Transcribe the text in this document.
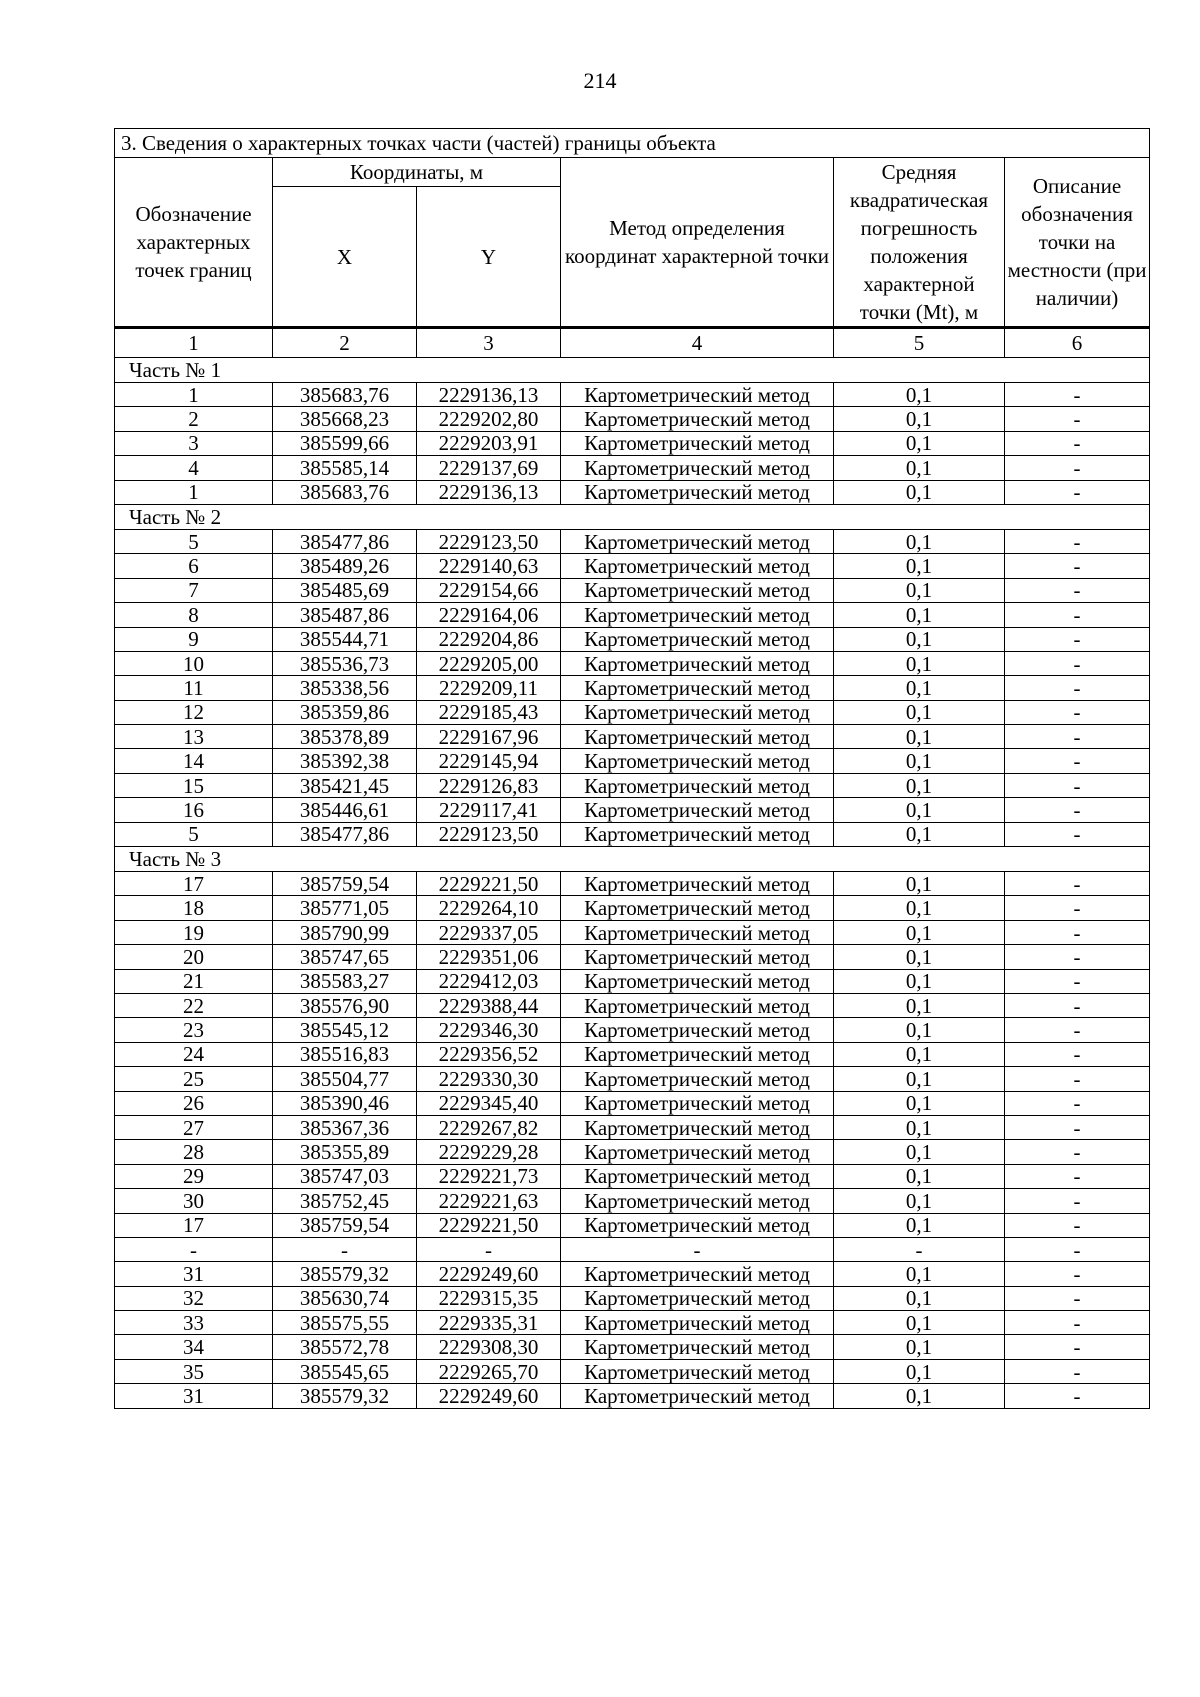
214
3. Сведения о характерных точках части (частей) границы объекта					
Обозначение характерных точек границ	Координаты, м		Метод определения координат характерной точки	Средняя квадратическая погрешность положения характерной точки (Mt), м	Описание обозначения точки на местности (при наличии)
	X	Y			
1	2	3	4	5	6
Часть № 1					
1	385683,76	2229136,13	Картометрический метод	0,1	-
2	385668,23	2229202,80	Картометрический метод	0,1	-
3	385599,66	2229203,91	Картометрический метод	0,1	-
4	385585,14	2229137,69	Картометрический метод	0,1	-
1	385683,76	2229136,13	Картометрический метод	0,1	-
Часть № 2					
5	385477,86	2229123,50	Картометрический метод	0,1	-
6	385489,26	2229140,63	Картометрический метод	0,1	-
7	385485,69	2229154,66	Картометрический метод	0,1	-
8	385487,86	2229164,06	Картометрический метод	0,1	-
9	385544,71	2229204,86	Картометрический метод	0,1	-
10	385536,73	2229205,00	Картометрический метод	0,1	-
11	385338,56	2229209,11	Картометрический метод	0,1	-
12	385359,86	2229185,43	Картометрический метод	0,1	-
13	385378,89	2229167,96	Картометрический метод	0,1	-
14	385392,38	2229145,94	Картометрический метод	0,1	-
15	385421,45	2229126,83	Картометрический метод	0,1	-
16	385446,61	2229117,41	Картометрический метод	0,1	-
5	385477,86	2229123,50	Картометрический метод	0,1	-
Часть № 3					
17	385759,54	2229221,50	Картометрический метод	0,1	-
18	385771,05	2229264,10	Картометрический метод	0,1	-
19	385790,99	2229337,05	Картометрический метод	0,1	-
20	385747,65	2229351,06	Картометрический метод	0,1	-
21	385583,27	2229412,03	Картометрический метод	0,1	-
22	385576,90	2229388,44	Картометрический метод	0,1	-
23	385545,12	2229346,30	Картометрический метод	0,1	-
24	385516,83	2229356,52	Картометрический метод	0,1	-
25	385504,77	2229330,30	Картометрический метод	0,1	-
26	385390,46	2229345,40	Картометрический метод	0,1	-
27	385367,36	2229267,82	Картометрический метод	0,1	-
28	385355,89	2229229,28	Картометрический метод	0,1	-
29	385747,03	2229221,73	Картометрический метод	0,1	-
30	385752,45	2229221,63	Картометрический метод	0,1	-
17	385759,54	2229221,50	Картометрический метод	0,1	-
-	-	-	-	-	-
31	385579,32	2229249,60	Картометрический метод	0,1	-
32	385630,74	2229315,35	Картометрический метод	0,1	-
33	385575,55	2229335,31	Картометрический метод	0,1	-
34	385572,78	2229308,30	Картометрический метод	0,1	-
35	385545,65	2229265,70	Картометрический метод	0,1	-
31	385579,32	2229249,60	Картометрический метод	0,1	-
